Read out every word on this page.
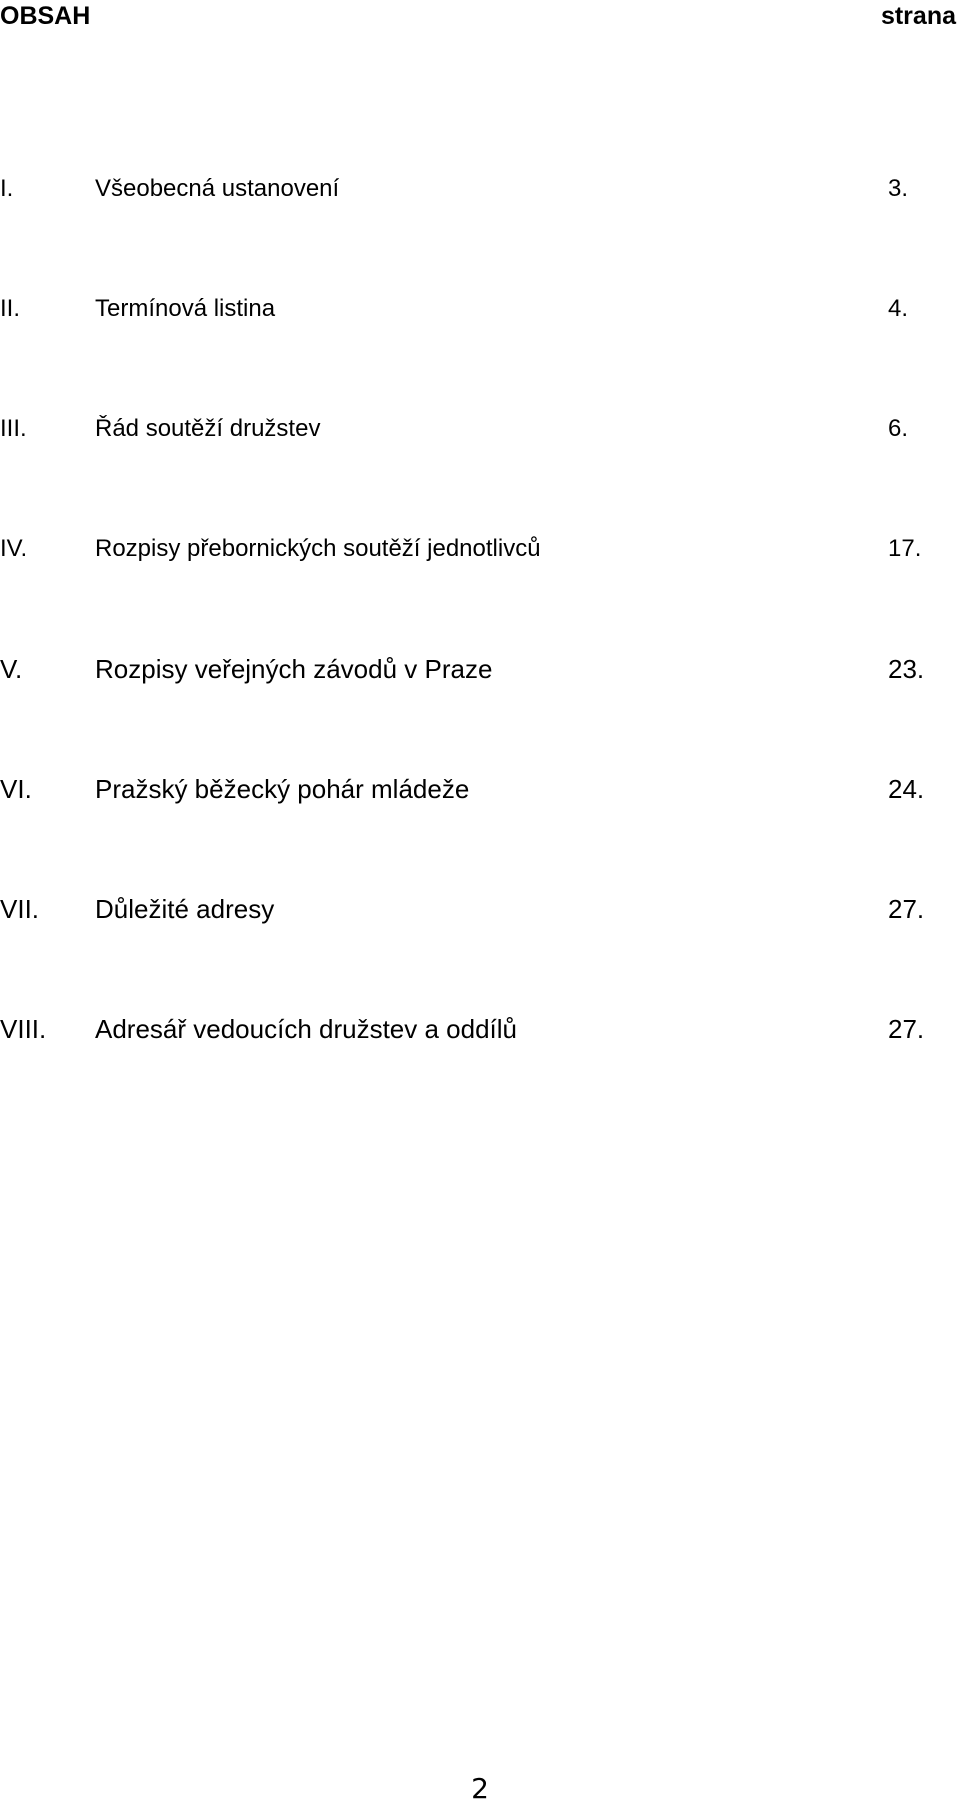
OBSAH	strana
I.	Všeobecná ustanovení	3.
II.	Termínová listina	4.
III.	Řád soutěží družstev	6.
IV.	Rozpisy přebornických soutěží jednotlivců	17.
V.	Rozpisy veřejných závodů v Praze	23.
VI. Pražský běžecký pohár mládeže	24.
VII. Důležité adresy	27.
VIII. Adresář vedoucích družstev a oddílů	27.
2
